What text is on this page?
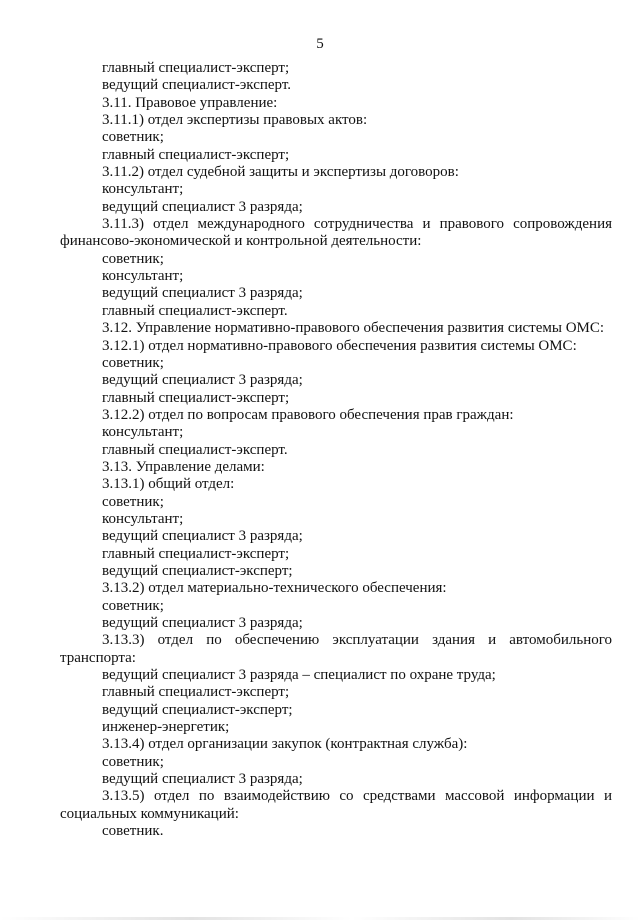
5
главный специалист-эксперт;
ведущий специалист-эксперт.
3.11. Правовое управление:
3.11.1) отдел экспертизы правовых актов:
советник;
главный специалист-эксперт;
3.11.2) отдел судебной защиты и экспертизы договоров:
консультант;
ведущий специалист 3 разряда;
3.11.3) отдел международного сотрудничества и правового сопровождения
финансово-экономической и контрольной деятельности:
советник;
консультант;
ведущий специалист 3 разряда;
главный специалист-эксперт.
3.12. Управление нормативно-правового обеспечения развития системы ОМС:
3.12.1) отдел нормативно-правового обеспечения развития системы ОМС:
советник;
ведущий специалист 3 разряда;
главный специалист-эксперт;
3.12.2) отдел по вопросам правового обеспечения прав граждан:
консультант;
главный специалист-эксперт.
3.13. Управление делами:
3.13.1) общий отдел:
советник;
консультант;
ведущий специалист 3 разряда;
главный специалист-эксперт;
ведущий специалист-эксперт;
3.13.2) отдел материально-технического обеспечения:
советник;
ведущий специалист 3 разряда;
3.13.3) отдел по обеспечению эксплуатации здания и автомобильного
транспорта:
ведущий специалист 3 разряда – специалист по охране труда;
главный специалист-эксперт;
ведущий специалист-эксперт;
инженер-энергетик;
3.13.4) отдел организации закупок (контрактная служба):
советник;
ведущий специалист 3 разряда;
3.13.5) отдел по взаимодействию со средствами массовой информации и
социальных коммуникаций:
советник.
